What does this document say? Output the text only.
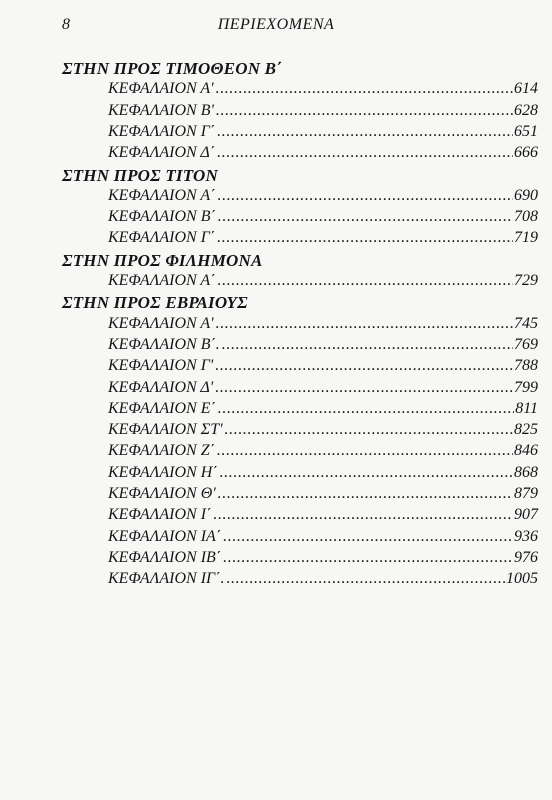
8	ΠΕΡΙΕΧΟΜΕΝΑ
ΣΤΗΝ ΠΡΟΣ ΤΙΜΟΘΕΟΝ Β΄
ΚΕΦΑΛΑΙΟΝ Α' .....	614
ΚΕΦΑΛΑΙΟΝ Β' .....	628
ΚΕΦΑΛΑΙΟΝ Γ΄ .....	651
ΚΕΦΑΛΑΙΟΝ Δ΄ .....	666
ΣΤΗΝ ΠΡΟΣ ΤΙΤΟΝ
ΚΕΦΑΛΑΙΟΝ Α΄ .....	690
ΚΕΦΑΛΑΙΟΝ Β΄ .....	708
ΚΕΦΑΛΑΙΟΝ Γ΄ .....	719
ΣΤΗΝ ΠΡΟΣ ΦΙΛΗΜΟΝΑ
ΚΕΦΑΛΑΙΟΝ Α΄ .....	729
ΣΤΗΝ ΠΡΟΣ ΕΒΡΑΙΟΥΣ
ΚΕΦΑΛΑΙΟΝ Α' .....	745
ΚΕΦΑΛΑΙΟΝ Β΄. .....	769
ΚΕΦΑΛΑΙΟΝ Γ' .....	788
ΚΕΦΑΛΑΙΟΝ Δ' .....	799
ΚΕΦΑΛΑΙΟΝ Ε΄ .....	811
ΚΕΦΑΛΑΙΟΝ ΣΤ' .....	825
ΚΕΦΑΛΑΙΟΝ Ζ΄ .....	846
ΚΕΦΑΛΑΙΟΝ Η΄ .....	868
ΚΕΦΑΛΑΙΟΝ Θ' .....	879
ΚΕΦΑΛΑΙΟΝ Ι΄ .....	907
ΚΕΦΑΛΑΙΟΝ ΙΑ΄ .....	936
ΚΕΦΑΛΑΙΟΝ ΙΒ΄ .....	976
ΚΕΦΑΛΑΙΟΝ ΙΓ΄. .....	1005
